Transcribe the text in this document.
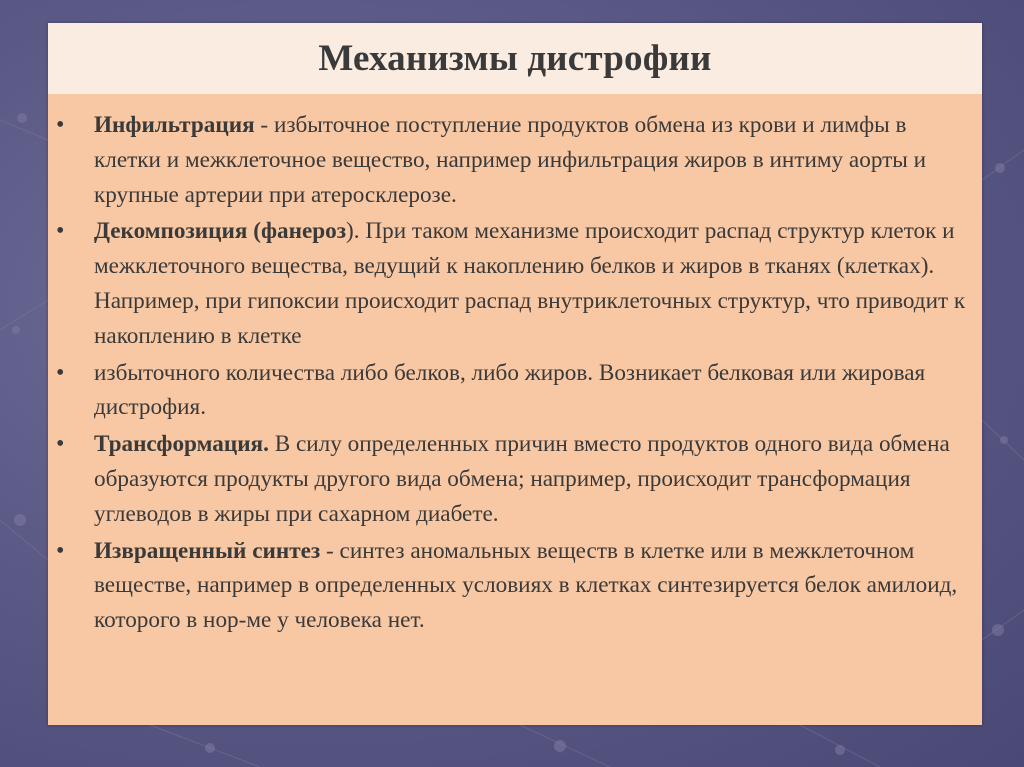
Механизмы дистрофии
• Инфильтрация - избыточное поступление продуктов обмена из крови и лимфы в клетки и межклеточное вещество, например инфильтрация жиров в интиму аорты и крупные артерии при атеросклерозе.
• Декомпозиция (фанероз). При таком механизме происходит распад структур клеток и межклеточного вещества, ведущий к накоплению белков и жиров в тканях (клетках). Например, при гипоксии происходит распад внутриклеточных структур, что приводит к накоплению в клетке
• избыточного количества либо белков, либо жиров. Возникает белковая или жировая дистрофия.
• Трансформация. В силу определенных причин вместо продуктов одного вида обмена образуются продукты другого вида обмена; например, происходит трансформация углеводов в жиры при сахарном диабете.
• Извращенный синтез - синтез аномальных веществ в клетке или в межклеточном веществе, например в определенных условиях в клетках синтезируется белок амилоид, которого в нор-ме у человека нет.
